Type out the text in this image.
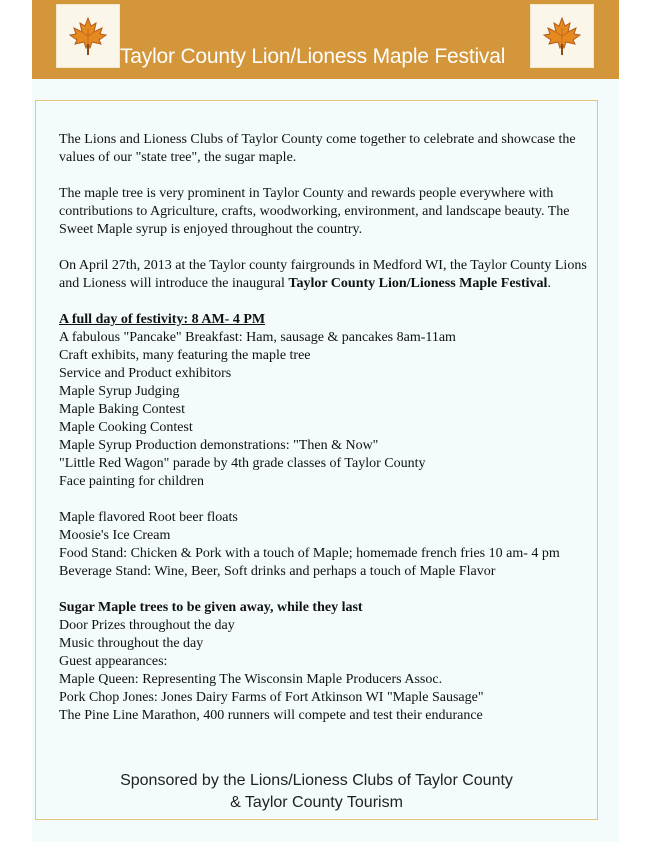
Taylor County Lion/Lioness Maple Festival

The Lions and Lioness Clubs of Taylor County come together to celebrate and showcase the values of our "state tree", the sugar maple.

The maple tree is very prominent in Taylor County and rewards people everywhere with contributions to Agriculture, crafts, woodworking, environment, and landscape beauty. The Sweet Maple syrup is enjoyed throughout the country.

On April 27th, 2013 at the Taylor county fairgrounds in Medford WI, the Taylor County Lions and Lioness will introduce the inaugural Taylor County Lion/Lioness Maple Festival.

A full day of festivity: 8 AM- 4 PM

A fabulous "Pancake" Breakfast: Ham, sausage & pancakes 8am-11am

Craft exhibits, many featuring the maple tree

Service and Product exhibitors

Maple Syrup Judging

Maple Baking Contest

Maple Cooking Contest

Maple Syrup Production demonstrations: "Then & Now"

"Little Red Wagon" parade by 4th grade classes of Taylor County

Face painting for children

Maple flavored Root beer floats

Moosie's Ice Cream

Food Stand: Chicken & Pork with a touch of Maple; homemade french fries 10 am- 4 pm

Beverage Stand: Wine, Beer, Soft drinks and perhaps a touch of Maple Flavor

Sugar Maple trees to be given away, while they last

Door Prizes throughout the day

Music throughout the day

Guest appearances:

Maple Queen: Representing The Wisconsin Maple Producers Assoc.

Pork Chop Jones: Jones Dairy Farms of Fort Atkinson WI "Maple Sausage"

The Pine Line Marathon, 400 runners will compete and test their endurance

Sponsored by the Lions/Lioness Clubs of Taylor County
& Taylor County Tourism
